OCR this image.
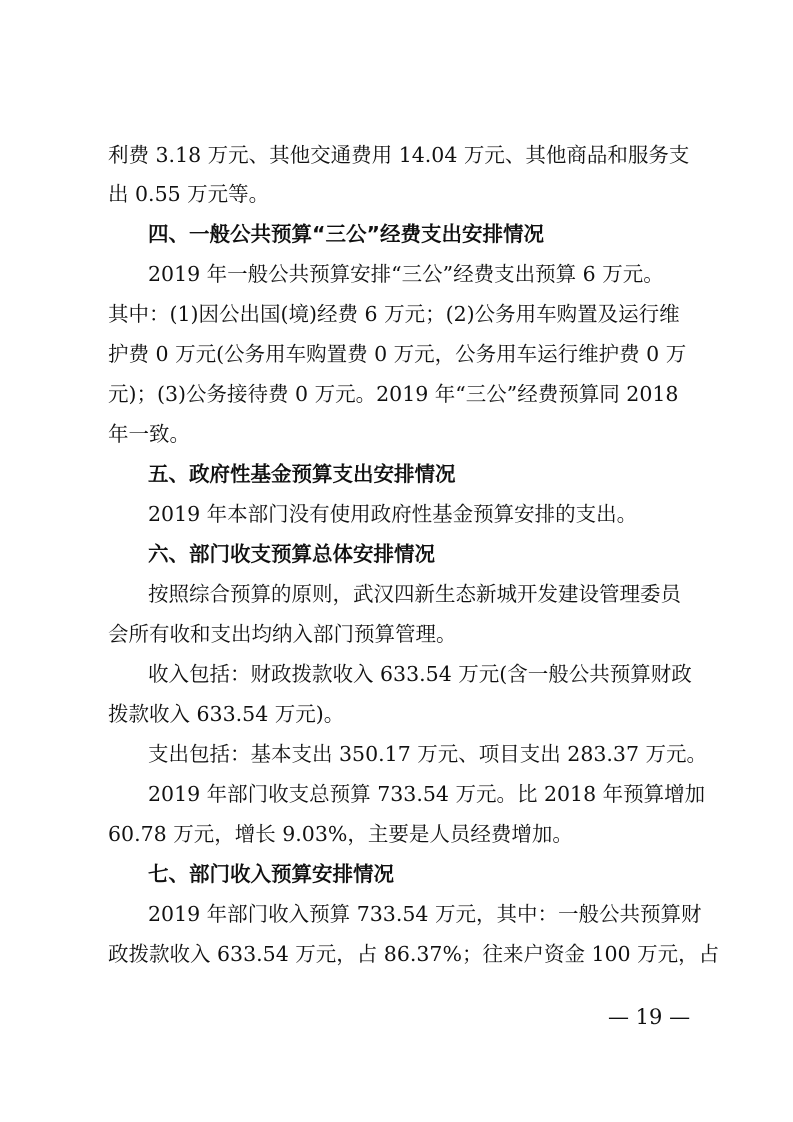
利费 3.18 万元、其他交通费用 14.04 万元、其他商品和服务支
出 0.55 万元等。
四、一般公共预算“三公”经费支出安排情况
2019 年一般公共预算安排“三公”经费支出预算 6 万元。
其中：(1)因公出国(境)经费 6 万元；(2)公务用车购置及运行维
护费 0 万元(公务用车购置费 0 万元，公务用车运行维护费 0 万
元)；(3)公务接待费 0 万元。2019 年“三公”经费预算同 2018
年一致。
五、政府性基金预算支出安排情况
2019 年本部门没有使用政府性基金预算安排的支出。
六、部门收支预算总体安排情况
按照综合预算的原则，武汉四新生态新城开发建设管理委员
会所有收和支出均纳入部门预算管理。
收入包括：财政拨款收入 633.54 万元(含一般公共预算财政
拨款收入 633.54 万元)。
支出包括：基本支出 350.17 万元、项目支出 283.37 万元。
2019 年部门收支总预算 733.54 万元。比 2018 年预算增加
60.78 万元，增长 9.03%，主要是人员经费增加。
七、部门收入预算安排情况
2019 年部门收入预算 733.54 万元，其中：一般公共预算财
政拨款收入 633.54 万元，占 86.37%；往来户资金 100 万元，占
— 19 —
